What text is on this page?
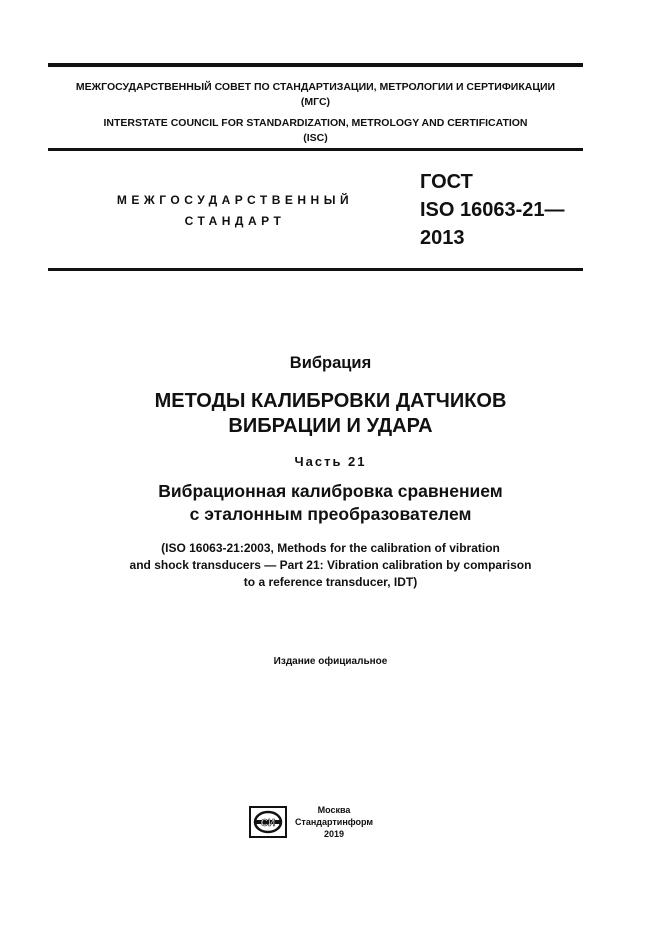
МЕЖГОСУДАРСТВЕННЫЙ СОВЕТ ПО СТАНДАРТИЗАЦИИ, МЕТРОЛОГИИ И СЕРТИФИКАЦИИ
(МГС)
INTERSTATE COUNCIL FOR STANDARDIZATION, METROLOGY AND CERTIFICATION
(ISC)
МЕЖГОСУДАРСТВЕННЫЙ
СТАНДАРТ
ГОСТ
ISO 16063-21—
2013
Вибрация
МЕТОДЫ КАЛИБРОВКИ ДАТЧИКОВ
ВИБРАЦИИ И УДАРА
Часть 21
Вибрационная калибровка сравнением
с эталонным преобразователем
(ISO 16063-21:2003, Methods for the calibration of vibration
and shock transducers — Part 21: Vibration calibration by comparison
to a reference transducer, IDT)
Издание официальное
СИ
Москва
Стандартинформ
2019
